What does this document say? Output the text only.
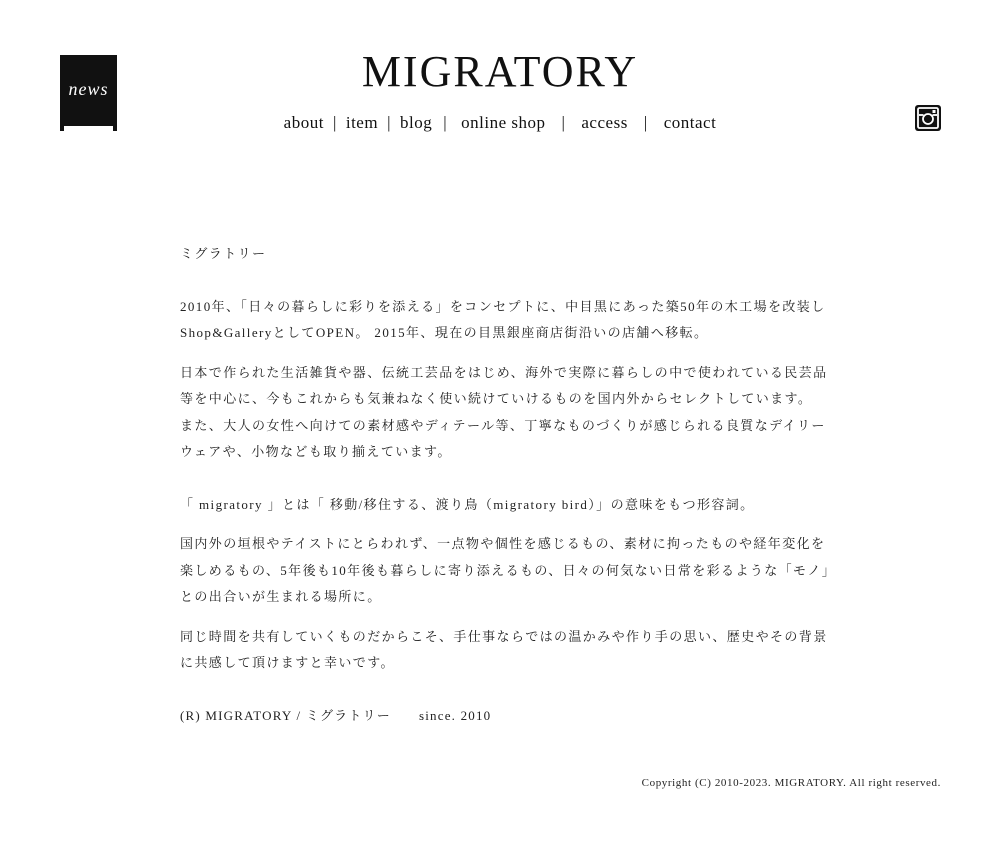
news	MIGRATORY
about | item | blog | online shop | access | contact

ミグラトリー

2010年、「日々の暮らしに彩りを添える」をコンセプトに、中目黒にあった築50年の木工場を改装し

Shop&GalleryとしてOPEN。 2015年、現在の目黒銀座商店街沿いの店舗へ移転。

日本で作られた生活雑貨や器、伝統工芸品をはじめ、海外で実際に暮らしの中で使われている民芸品

等を中心に、今もこれからも気兼ねなく使い続けていけるものを国内外からセレクトしています。

また、大人の女性へ向けての素材感やディテール等、丁寧なものづくりが感じられる良質なデイリー

ウェアや、小物なども取り揃えています。

「 migratory 」とは「 移動/移住する、渡り鳥（migratory bird）」の意味をもつ形容詞。

国内外の垣根やテイストにとらわれず、一点物や個性を感じるもの、素材に拘ったものや経年変化を

楽しめるもの、5年後も10年後も暮らしに寄り添えるもの、日々の何気ない日常を彩るような「モノ」

との出合いが生まれる場所に。

同じ時間を共有していくものだからこそ、手仕事ならではの温かみや作り手の思い、歴史やその背景

に共感して頂けますと幸いです。

(R) MIGRATORY / ミグラトリー since. 2010

Copyright (C) 2010-2023. MIGRATORY. All right reserved.
